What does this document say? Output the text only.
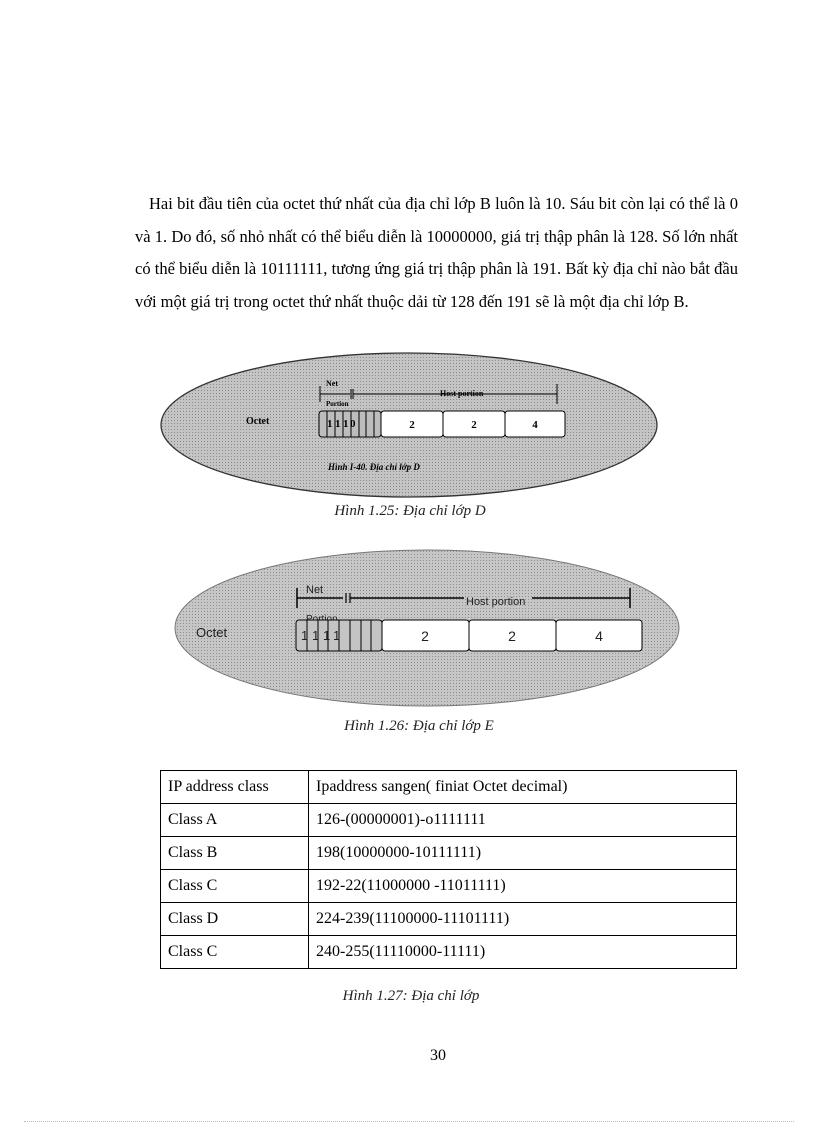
Hai bit đầu tiên của octet thứ nhất của địa chỉ lớp B luôn là 10. Sáu bit còn lại có thể là 0 và 1. Do đó, số nhỏ nhất có thể biểu diễn là 10000000, giá trị thập phân là 128. Số lớn nhất có thể biểu diễn là 10111111, tương ứng giá trị thập phân là 191. Bất kỳ địa chỉ nào bắt đầu với một giá trị trong octet thứ nhất thuộc dải từ 128 đến 191 sẽ là một địa chỉ lớp B.

Octet
Net
Portion
Host portion
1 1 1 0	2	2	4
Hình I-40. Địa chỉ lớp D
Hình 1.25: Địa chỉ lớp D
Octet
Net
Host portion
1 1 1 1	2	2	4
Hình 1.26: Địa chỉ lớp E
IP address class	Ipaddress sangen( finiat Octet decimal)
Class A	126-(00000001)-o1111111
Class B	198(10000000-10111111)
Class C	192-22(11000000 -11011111)
Class D	224-239(11100000-11101111)
Class C	240-255(11110000-11111)
Hình 1.27: Địa chỉ lớp
30
